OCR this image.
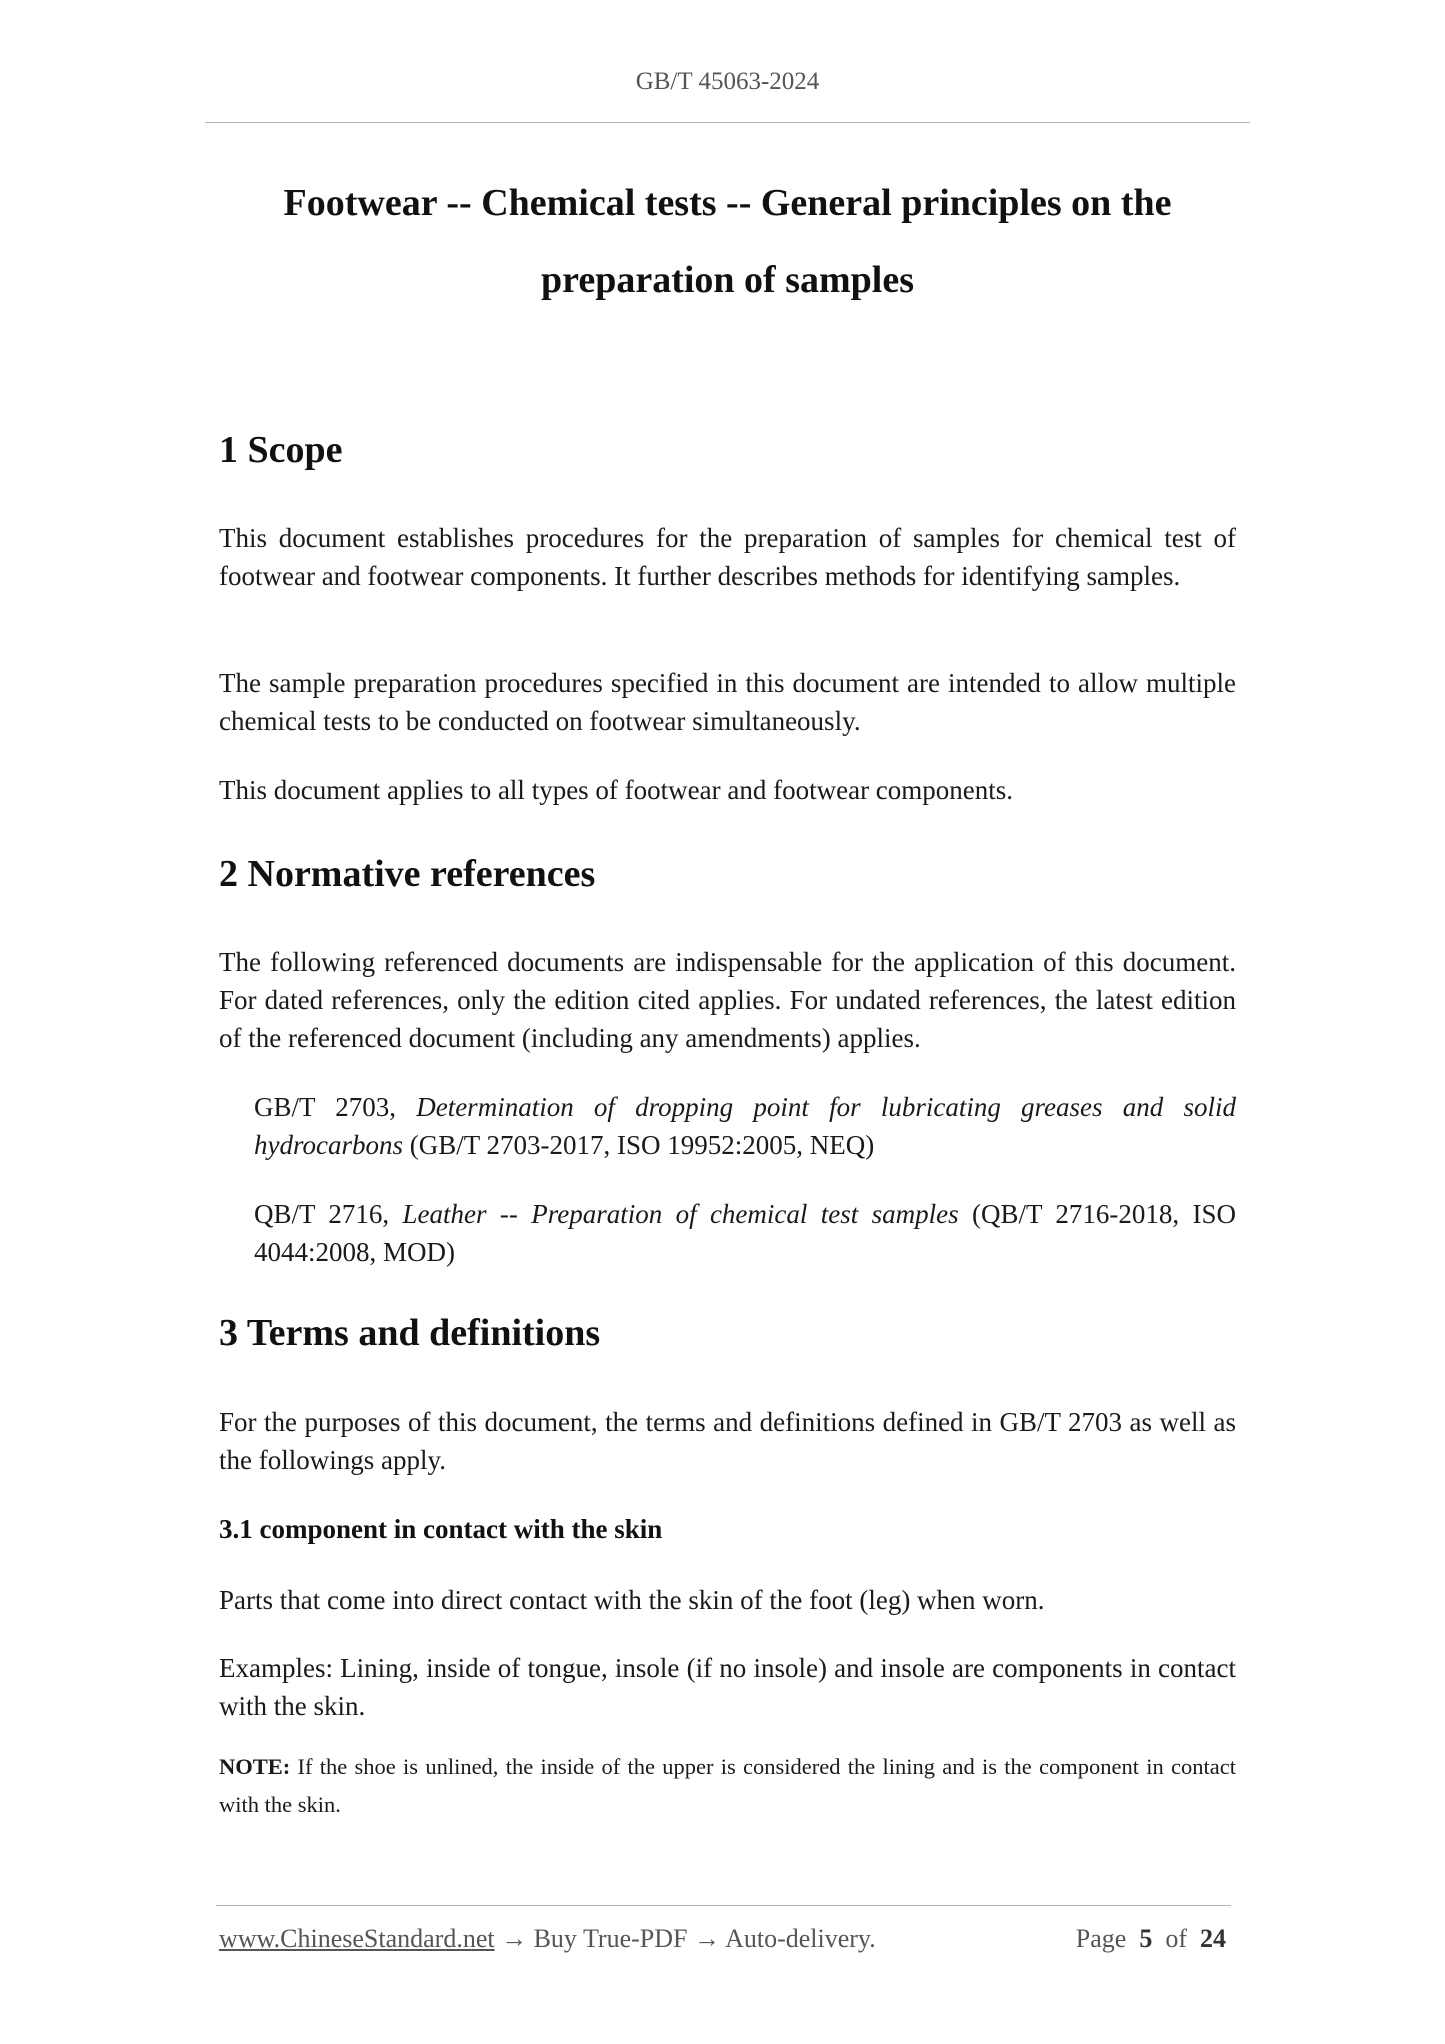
GB/T 45063-2024
Footwear -- Chemical tests -- General principles on the
preparation of samples
1 Scope

This document establishes procedures for the preparation of samples for chemical test of footwear and footwear components. It further describes methods for identifying samples.

The sample preparation procedures specified in this document are intended to allow multiple chemical tests to be conducted on footwear simultaneously.

This document applies to all types of footwear and footwear components.

2 Normative references

The following referenced documents are indispensable for the application of this document. For dated references, only the edition cited applies. For undated references, the latest edition of the referenced document (including any amendments) applies.

GB/T 2703, Determination of dropping point for lubricating greases and solid hydrocarbons (GB/T 2703-2017, ISO 19952:2005, NEQ)

QB/T 2716, Leather -- Preparation of chemical test samples (QB/T 2716-2018, ISO 4044:2008, MOD)

3 Terms and definitions

For the purposes of this document, the terms and definitions defined in GB/T 2703 as well as the followings apply.

3.1 component in contact with the skin

Parts that come into direct contact with the skin of the foot (leg) when worn.

Examples: Lining, inside of tongue, insole (if no insole) and insole are components in contact with the skin.

NOTE: If the shoe is unlined, the inside of the upper is considered the lining and is the component in contact with the skin.

www.ChineseStandard.net → Buy True-PDF → Auto-delivery.	Page 5 of 24
